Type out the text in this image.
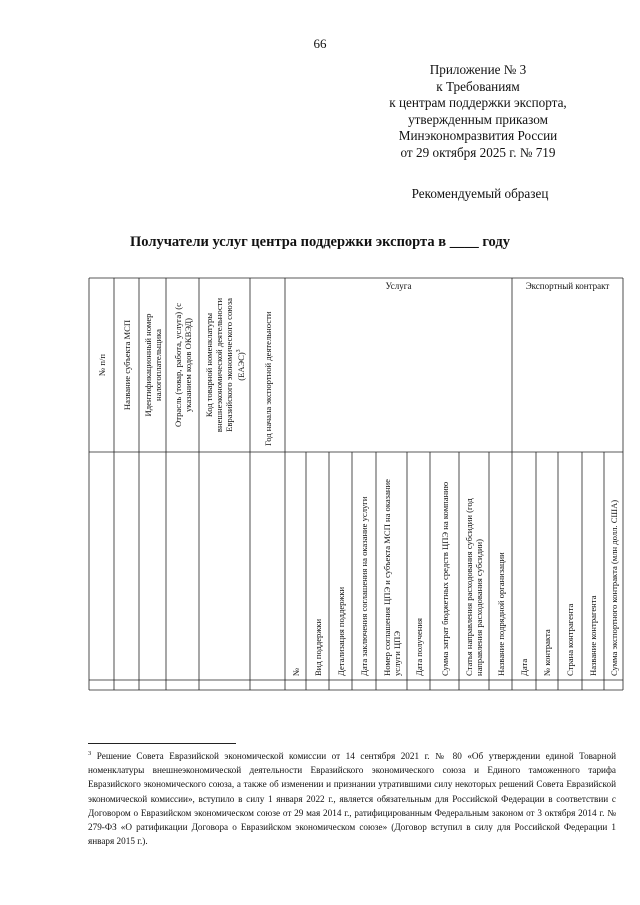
66
Приложение № 3
к Требованиям
к центрам поддержки экспорта,
утвержденным приказом
Минэкономразвития России
от 29 октября 2025 г. № 719
Рекомендуемый образец
Получатели услуг центра поддержки экспорта в ____ году
№ п/п Название субъекта МСП Идентификационный номер налогоплательщика Отрасль (товар, работа, услуга) (с указанием кодов ОКВЭД) Код товарной номенклатуры внешнеэкономической деятельности Евразийского экономического союза (ЕАЭС)$^3$	Год начала экспортной деятельности
№ Вид поддержки Детализация поддержки Дата заключения соглашения на оказание услуги Номер соглашения ЦПЭ и субъекта МСП на оказание услуги ЦПЭ Дата получения Сумма затрат бюджетных средств ЦПЭ на компанию Статья направления расходования субсидии (год направления расходования субсидии) Название подрядной организации Дата № контракта Страна контрагента Название контрагента Сумма экспортного контракта (млн долл. США)
Услуга	Экспортный контракт
$^3$ Решение Совета Евразийской экономической комиссии от 14 сентября 2021 г. № 80 «Об утверждении единой Товарной номенклатуры внешнеэкономической деятельности Евразийского экономического союза и Единого таможенного тарифа Евразийского экономического союза, а также об изменении и признании утратившими силу некоторых решений Совета Евразийской экономической комиссии», вступило в силу 1 января 2022 г., является обязательным для Российской Федерации в соответствии с Договором о Евразийском экономическом союзе от 29 мая 2014 г., ратифицированным Федеральным законом от 3 октября 2014 г. № 279-ФЗ «О ратификации Договора о Евразийском экономическом союзе» (Договор вступил в силу для Российской Федерации 1 января 2015 г.).
